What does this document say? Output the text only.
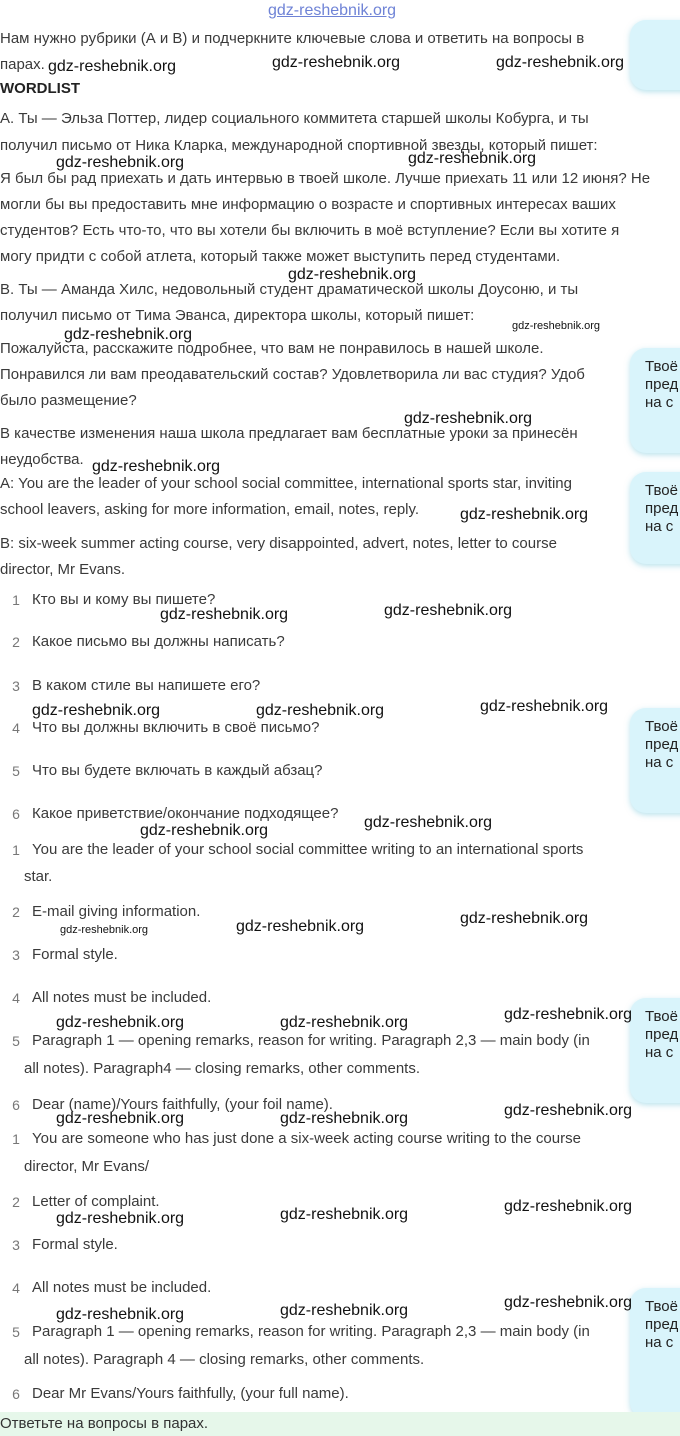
gdz-reshebnik.org
Твоё
пред
на с
Твоё
пред
на с
Твоё
пред
на с
Твоё
пред
на с
Твоё
пред
на с
Нам нужно рубрики (А и В) и подчеркните ключевые слова и ответить на вопросы в
парах.
WORDLIST
A. Ты — Эльза Поттер, лидер социального коммитета старшей школы Кобурга, и ты
получил письмо от Ника Кларка, международной спортивной звезды, который пишет:
Я был бы рад приехать и дать интервью в твоей школе. Лучше приехать 11 или 12 июня? Не
могли бы вы предоставить мне информацию о возрасте и спортивных интересах ваших
студентов? Есть что-то, что вы хотели бы включить в моё вступление? Если вы хотите я
могу придти с собой атлета, который также может выступить перед студентами.
B. Ты — Аманда Хилс, недовольный студент драматической школы Доусоню, и ты
получил письмо от Тима Эванса, директора школы, который пишет:
Пожалуйста, расскажите подробнее, что вам не понравилось в нашей школе.
Понравился ли вам преодавательский состав? Удовлетворила ли вас студия? Удоб
было размещение?
В качестве изменения наша школа предлагает вам бесплатные уроки за принесён
неудобства.
A: You are the leader of your school social committee, international sports star, inviting
school leavers, asking for more information, email, notes, reply.
B: six-week summer acting course, very disappointed, advert, notes, letter to course
director, Mr Evans.
1 Кто вы и кому вы пишете?
2 Какое письмо вы должны написать?
3 В каком стиле вы напишете его?
4 Что вы должны включить в своё письмо?
5 Что вы будете включать в каждый абзац?
6 Какое приветствие/окончание подходящее?
1 You are the leader of your school social committee writing to an international sports
star.
2 E-mail giving information.
3 Formal style.
4 All notes must be included.
5 Paragraph 1 — opening remarks, reason for writing. Paragraph 2,3 — main body (in
all notes). Paragraph4 — closing remarks, other comments.
6 Dear (name)/Yours faithfully, (your foil name).
1 You are someone who has just done a six-week acting course writing to the course
director, Mr Evans/
2 Letter of complaint.
3 Formal style.
4 All notes must be included.
5 Paragraph 1 — opening remarks, reason for writing. Paragraph 2,3 — main body (in
all notes). Paragraph 4 — closing remarks, other comments.
6 Dear Mr Evans/Yours faithfully, (your full name).
gdz-reshebnik.org	gdz-reshebnik.org	gdz-reshebnik.org
gdz-reshebnik.org	gdz-reshebnik.org
gdz-reshebnik.org
gdz-reshebnik.org	gdz-reshebnik.org
gdz-reshebnik.org
gdz-reshebnik.org
gdz-reshebnik.org
gdz-reshebnik.org	gdz-reshebnik.org
gdz-reshebnik.org	gdz-reshebnik.org	gdz-reshebnik.org
gdz-reshebnik.org	gdz-reshebnik.org
gdz-reshebnik.org	gdz-reshebnik.org	gdz-reshebnik.org
gdz-reshebnik.org	gdz-reshebnik.org	gdz-reshebnik.org
gdz-reshebnik.org	gdz-reshebnik.org	gdz-reshebnik.org
gdz-reshebnik.org	gdz-reshebnik.org	gdz-reshebnik.org
gdz-reshebnik.org	gdz-reshebnik.org	gdz-reshebnik.org
Ответьте на вопросы в парах.
